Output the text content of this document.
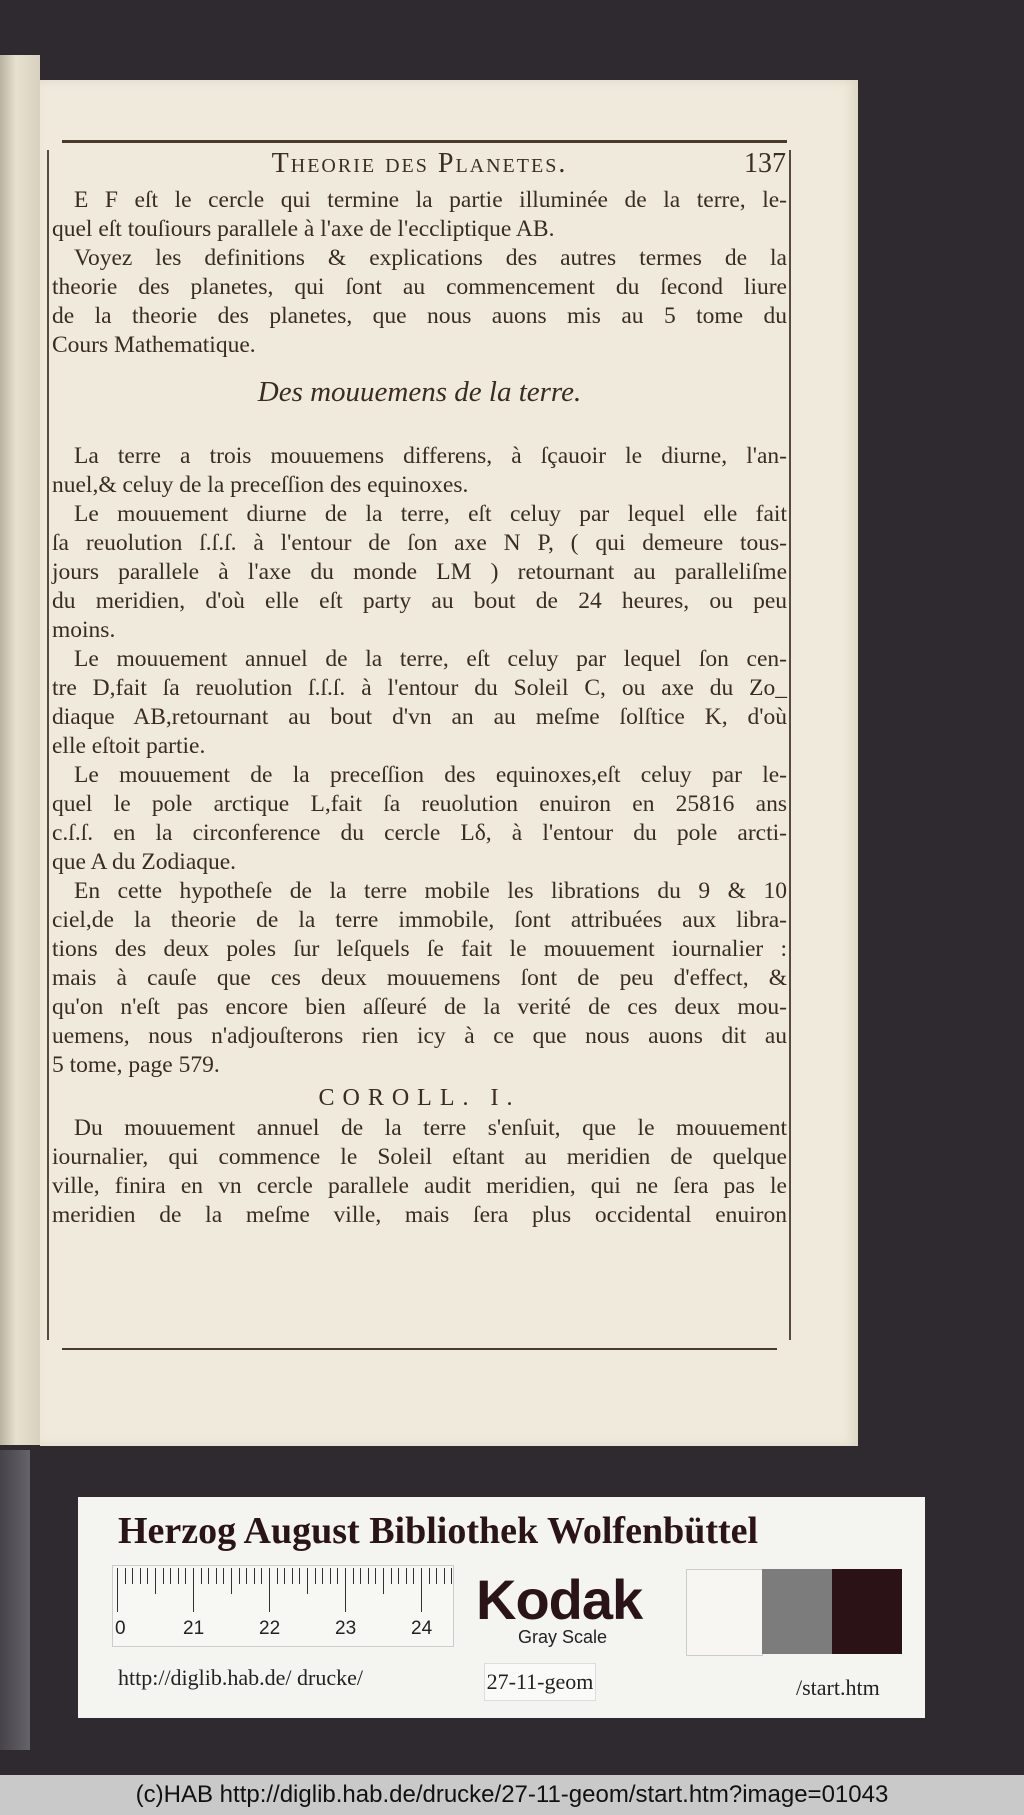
Theorie des Planetes.	137
E F eſt le cercle qui termine la partie illuminée de la terre, le-
quel eſt touſiours parallele à l'axe de l'eccliptique AB.
Voyez les definitions & explications des autres termes de la
theorie des planetes, qui ſont au commencement du ſecond liure
de la theorie des planetes, que nous auons mis au 5 tome du
Cours Mathematique.
Des mouuemens de la terre.
La terre a trois mouuemens differens, à ſçauoir le diurne, l'an-
nuel,& celuy de la preceſſion des equinoxes.
Le mouuement diurne de la terre, eſt celuy par lequel elle fait
ſa reuolution ſ.ſ.ſ. à l'entour de ſon axe N P, ( qui demeure tous-
jours parallele à l'axe du monde LM ) retournant au paralleliſme
du meridien, d'où elle eſt party au bout de 24 heures, ou peu
moins.
Le mouuement annuel de la terre, eſt celuy par lequel ſon cen-
tre D,fait ſa reuolution ſ.ſ.ſ. à l'entour du Soleil C, ou axe du Zo_
diaque AB,retournant au bout d'vn an au meſme ſolſtice K, d'où
elle eſtoit partie.
Le mouuement de la preceſſion des equinoxes,eſt celuy par le-
quel le pole arctique L,fait ſa reuolution enuiron en 25816 ans
c.ſ.ſ. en la circonference du cercle Lδ, à l'entour du pole arcti-
que A du Zodiaque.
En cette hypotheſe de la terre mobile les librations du 9 & 10
ciel,de la theorie de la terre immobile, ſont attribuées aux libra-
tions des deux poles ſur leſquels ſe fait le mouuement iournalier :
mais à cauſe que ces deux mouuemens ſont de peu d'effect, &
qu'on n'eſt pas encore bien aſſeuré de la verité de ces deux mou-
uemens, nous n'adjouſterons rien icy à ce que nous auons dit au
5 tome, page 579.
COROLL. I.
Du mouuement annuel de la terre s'enſuit, que le mouuement
iournalier, qui commence le Soleil eſtant au meridien de quelque
ville, finira en vn cercle parallele audit meridien, qui ne ſera pas le
meridien de la meſme ville, mais ſera plus occidental enuiron
Herzog August Bibliothek Wolfenbüttel
0	21	22	23	24 Kodak
Gray Scale
http://diglib.hab.de/ drucke/	27-11-geom	/start.htm
(c)HAB http://diglib.hab.de/drucke/27-11-geom/start.htm?image=01043
